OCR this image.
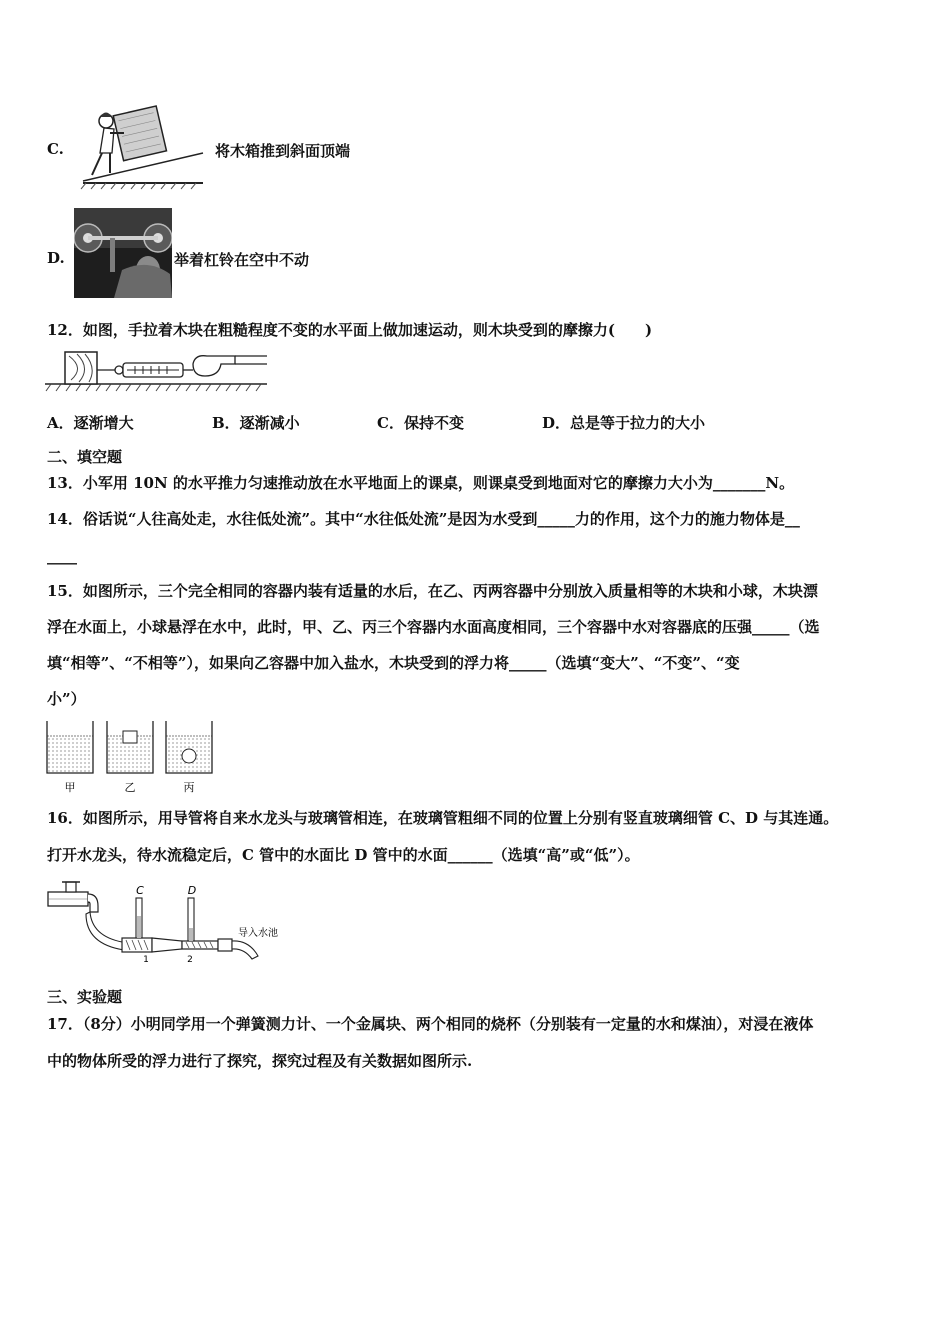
C.	将木箱推到斜面顶端
D.	举着杠铃在空中不动
12．如图，手拉着木块在粗糙程度不变的水平面上做加速运动，则木块受到的摩擦力(　　)
A．逐渐增大	B．逐渐减小	C．保持不变	D．总是等于拉力的大小
二、填空题
13．小军用 10N 的水平推力匀速推动放在水平地面上的课桌，则课桌受到地面对它的摩擦力大小为_______N。
14．俗话说“人往高处走，水往低处流”。其中“水往低处流”是因为水受到_____力的作用，这个力的施力物体是__
____
15．如图所示，三个完全相同的容器内装有适量的水后，在乙、丙两容器中分别放入质量相等的木块和小球，木块漂
浮在水面上，小球悬浮在水中，此时，甲、乙、丙三个容器内水面高度相同，三个容器中水对容器底的压强_____（选
填“相等”、“不相等”），如果向乙容器中加入盐水，木块受到的浮力将_____（选填“变大”、“不变”、“变
小”）
甲	乙	丙
16．如图所示，用导管将自来水龙头与玻璃管相连，在玻璃管粗细不同的位置上分别有竖直玻璃细管 C、D 与其连通。
打开水龙头，待水流稳定后，C 管中的水面比 D 管中的水面______（选填“高”或“低”）。
C	D
1	2
导入水池
三、实验题
17．（8分）小明同学用一个弹簧测力计、一个金属块、两个相同的烧杯（分别装有一定量的水和煤油），对浸在液体
中的物体所受的浮力进行了探究，探究过程及有关数据如图所示.
